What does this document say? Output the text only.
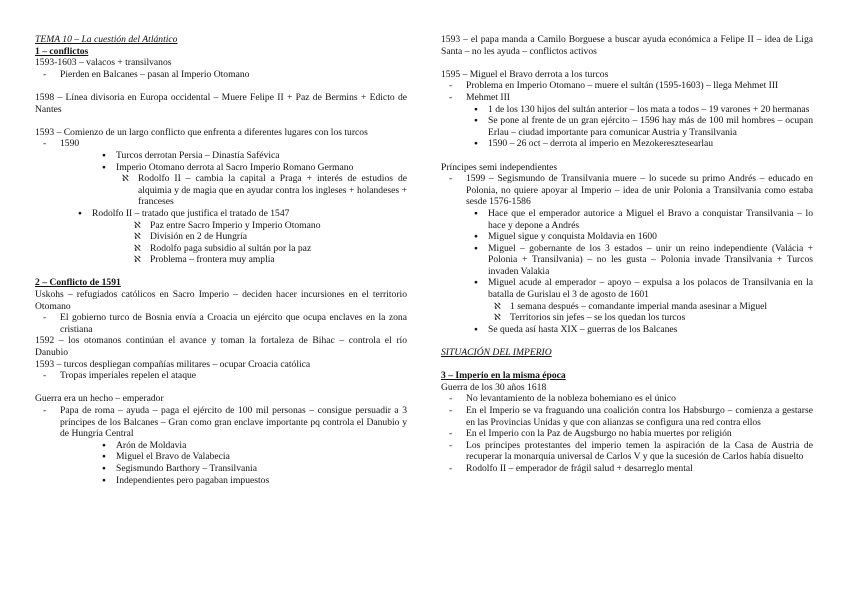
TEMA 10 – La cuestión del Atlántico

1 – conflictos

1593-1603 – valacos + transilvanos

- Pierden en Balcanes – pasan al Imperio Otomano

1598 – Línea divisoria en Europa occidental – Muere Felipe II + Paz de Bermins + Edicto de Nantes

1593 – Comienzo de un largo conflicto que enfrenta a diferentes lugares con los turcos

- 1590
● Turcos derrotan Persia – Dinastía Safévica
● Imperio Otomano derrota al Sacro Imperio Romano Germano
ℵ Rodolfo II – cambia la capital a Praga + interés de estudios de alquimia y de magia que en ayudar contra los ingleses + holandeses + franceses
● Rodolfo II – tratado que justifica el tratado de 1547
ℵ Paz entre Sacro Imperio y Imperio Otomano
ℵ División en 2 de Hungría
ℵ Rodolfo paga subsidio al sultán por la paz
ℵ Problema – frontera muy amplia

2 – Conflicto de 1591

Uskohs – refugiados católicos en Sacro Imperio – deciden hacer incursiones en el territorio Otomano

- El gobierno turco de Bosnia envía a Croacia un ejército que ocupa enclaves en la zona cristiana

1592 – los otomanos continúan el avance y toman la fortaleza de Bihac – controla el río Danubio

1593 – turcos despliegan compañías militares – ocupar Croacia católica

- Tropas imperiales repelen el ataque

Guerra era un hecho – emperador

- Papa de roma – ayuda – paga el ejército de 100 mil personas – consigue persuadir a 3 príncipes de los Balcanes – Gran como gran enclave importante pq controla el Danubio y de Hungría Central
● Arón de Moldavia
● Miguel el Bravo de Valabecia
● Segismundo Barthory – Transilvania
● Independientes pero pagaban impuestos

1593 – el papa manda a Camilo Borguese a buscar ayuda económica a Felipe II – idea de Liga Santa – no les ayuda – conflictos activos

1595 – Miguel el Bravo derrota a los turcos

- Problema en Imperio Otomano – muere el sultán (1595-1603) – llega Mehmet III
- Mehmet III
● 1 de los 130 hijos del sultán anterior – los mata a todos – 19 varones + 20 hermanas
● Se pone al frente de un gran ejército – 1596 hay más de 100 mil hombres – ocupan Erlau – ciudad importante para comunicar Austria y Transilvania
● 1590 – 26 oct – derrota al imperio en Mezokeresztesearlau

Príncipes semi independientes

- 1599 – Segismundo de Transilvania muere – lo sucede su primo Andrés – educado en Polonia, no quiere apoyar al Imperio – idea de unir Polonia a Transilvania como estaba sesde 1576-1586
● Hace que el emperador autorice a Miguel el Bravo a conquistar Transilvania – lo hace y depone a Andrés
● Miguel sigue y conquista Moldavia en 1600
● Miguel – gobernante de los 3 estados – unir un reino independiente (Valácia + Polonia + Transilvania) – no les gusta – Polonia invade Transilvania + Turcos invaden Valakia
● Miguel acude al emperador – apoyo – expulsa a los polacos de Transilvania en la batalla de Gurislau el 3 de agosto de 1601
ℵ 1 semana después – comandante imperial manda asesinar a Miguel
ℵ Territorios sin jefes – se los quedan los turcos
● Se queda así hasta XIX – guerras de los Balcanes

SITUACIÓN DEL IMPERIO

3 – Imperio en la misma época

Guerra de los 30 años 1618

- No levantamiento de la nobleza bohemiano es el único
- En el Imperio se va fraguando una coalición contra los Habsburgo – comienza a gestarse en las Provincias Unidas y que con alianzas se configura una red contra ellos
- En el Imperio con la Paz de Augsburgo no había muertes por religión
- Los príncipes protestantes del imperio temen la aspiración de la Casa de Austria de recuperar la monarquía universal de Carlos V y que la sucesión de Carlos había disuelto
- Rodolfo II – emperador de frágil salud + desarreglo mental
